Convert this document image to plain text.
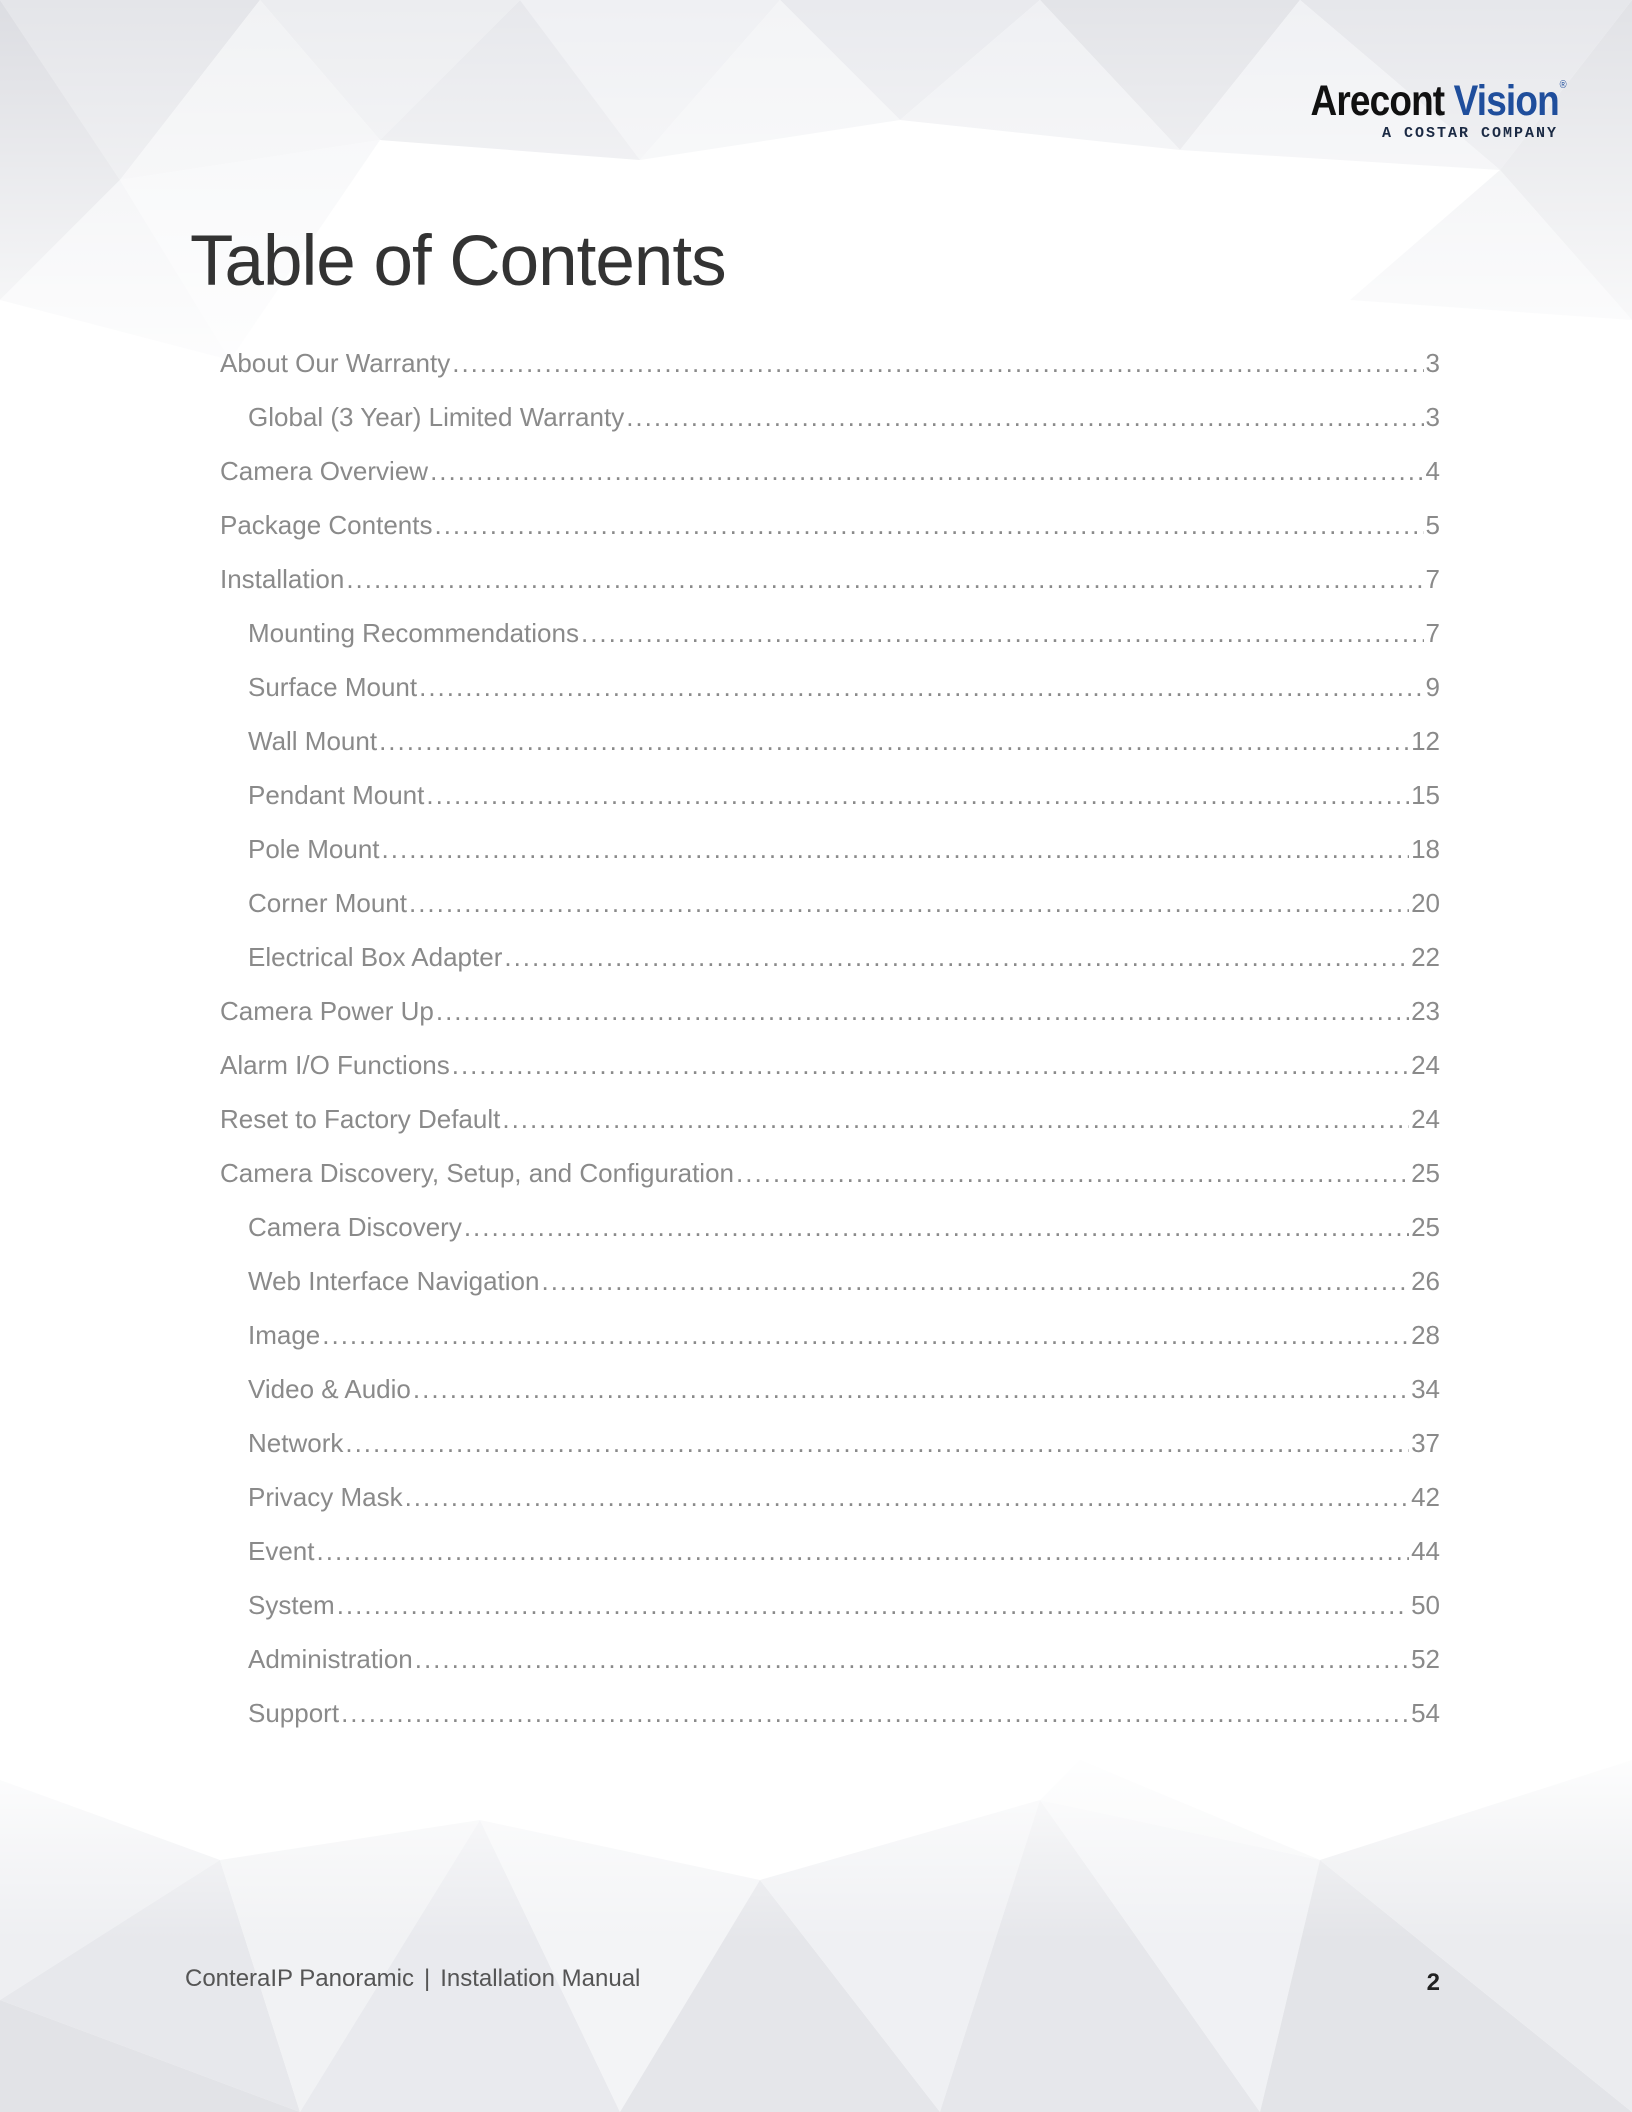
Arecont Vision®
A COSTAR COMPANY
Table of Contents
About Our Warranty .....	3
Global (3 Year) Limited Warranty .....	3
Camera Overview .....	4
Package Contents .....	5
Installation .....	7
Mounting Recommendations .....	7
Surface Mount .....	9
Wall Mount .....	12
Pendant Mount .....	15
Pole Mount .....	18
Corner Mount .....	20
Electrical Box Adapter .....	22
Camera Power Up .....	23
Alarm I/O Functions .....	24
Reset to Factory Default .....	24
Camera Discovery, Setup, and Configuration .....	25
Camera Discovery .....	25
Web Interface Navigation .....	26
Image .....	28
Video & Audio .....	34
Network .....	37
Privacy Mask .....	42
Event .....	44
System .....	50
Administration .....	52
Support .....	54
ConteraIP Panoramic | Installation Manual	2
